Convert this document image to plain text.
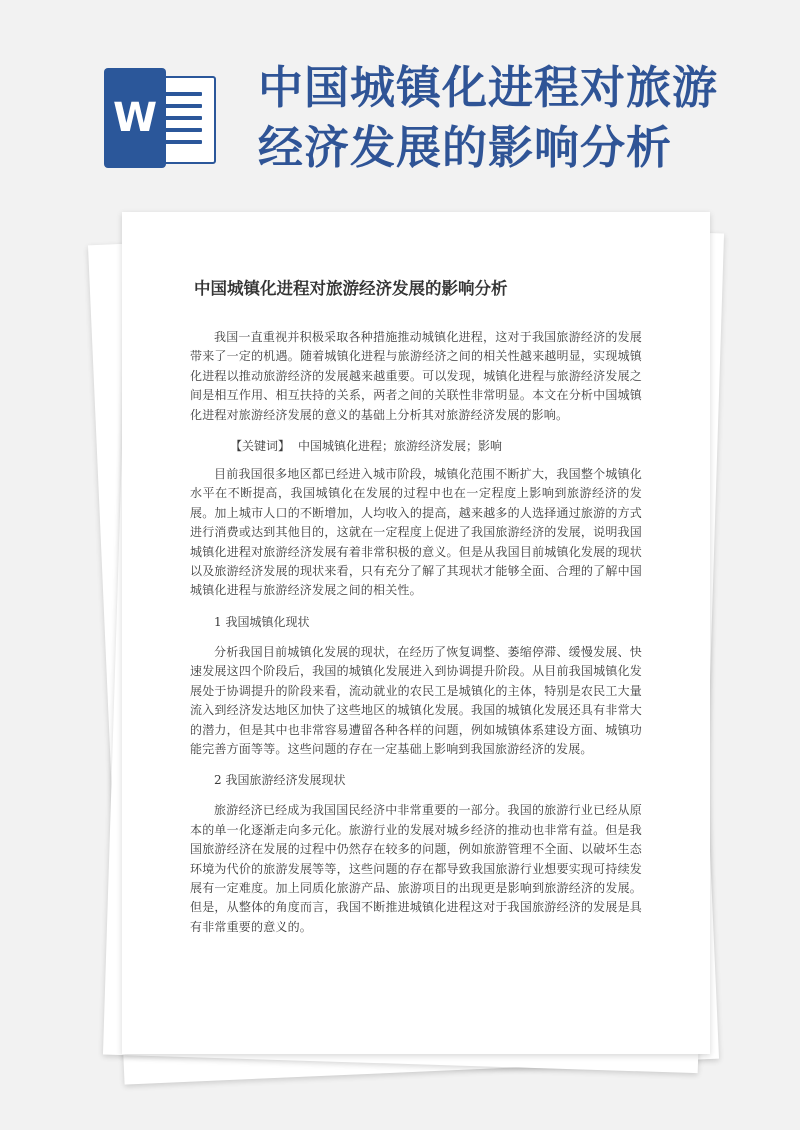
W
中国城镇化进程对旅游经济发展的影响分析
中国城镇化进程对旅游经济发展的影响分析

我国一直重视并积极采取各种措施推动城镇化进程，这对于我国旅游经济的发展带来了一定的机遇。随着城镇化进程与旅游经济之间的相关性越来越明显，实现城镇化进程以推动旅游经济的发展越来越重要。可以发现，城镇化进程与旅游经济发展之间是相互作用、相互扶持的关系，两者之间的关联性非常明显。本文在分析中国城镇化进程对旅游经济发展的意义的基础上分析其对旅游经济发展的影响。

【关键词】 中国城镇化进程；旅游经济发展；影响

目前我国很多地区都已经进入城市阶段，城镇化范围不断扩大，我国整个城镇化水平在不断提高，我国城镇化在发展的过程中也在一定程度上影响到旅游经济的发展。加上城市人口的不断增加，人均收入的提高，越来越多的人选择通过旅游的方式进行消费或达到其他目的，这就在一定程度上促进了我国旅游经济的发展，说明我国城镇化进程对旅游经济发展有着非常积极的意义。但是从我国目前城镇化发展的现状以及旅游经济发展的现状来看，只有充分了解了其现状才能够全面、合理的了解中国城镇化进程与旅游经济发展之间的相关性。

1 我国城镇化现状

分析我国目前城镇化发展的现状，在经历了恢复调整、萎缩停滞、缓慢发展、快速发展这四个阶段后，我国的城镇化发展进入到协调提升阶段。从目前我国城镇化发展处于协调提升的阶段来看，流动就业的农民工是城镇化的主体，特别是农民工大量流入到经济发达地区加快了这些地区的城镇化发展。我国的城镇化发展还具有非常大的潜力，但是其中也非常容易遭留各种各样的问题，例如城镇体系建设方面、城镇功能完善方面等等。这些问题的存在一定基础上影响到我国旅游经济的发展。

2 我国旅游经济发展现状

旅游经济已经成为我国国民经济中非常重要的一部分。我国的旅游行业已经从原本的单一化逐渐走向多元化。旅游行业的发展对城乡经济的推动也非常有益。但是我国旅游经济在发展的过程中仍然存在较多的问题，例如旅游管理不全面、以破坏生态环境为代价的旅游发展等等，这些问题的存在都导致我国旅游行业想要实现可持续发展有一定难度。加上同质化旅游产品、旅游项目的出现更是影响到旅游经济的发展。但是，从整体的角度而言，我国不断推进城镇化进程这对于我国旅游经济的发展是具有非常重要的意义的。
